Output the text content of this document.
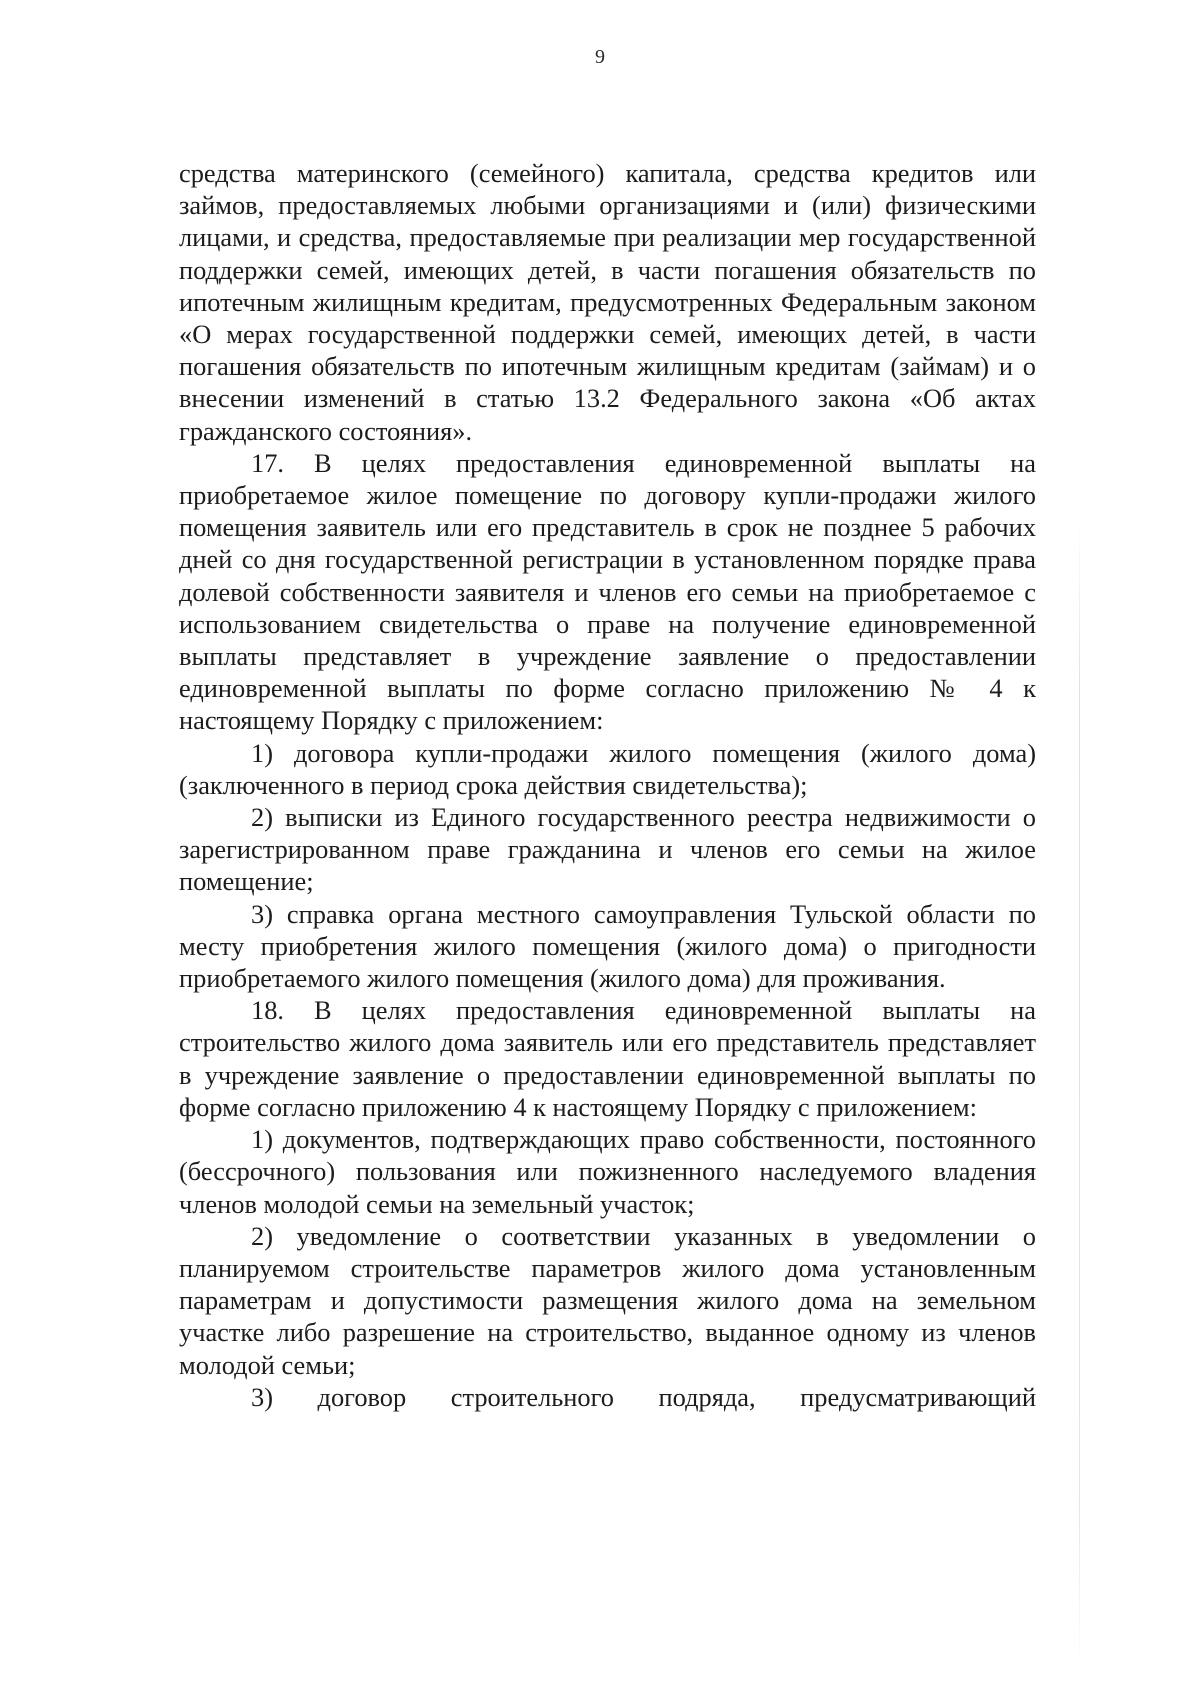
9

средства материнского (семейного) капитала, средства кредитов или займов, предоставляемых любыми организациями и (или) физическими лицами, и средства, предоставляемые при реализации мер государственной поддержки семей, имеющих детей, в части погашения обязательств по ипотечным жилищным кредитам, предусмотренных Федеральным законом «О мерах государственной поддержки семей, имеющих детей, в части погашения обязательств по ипотечным жилищным кредитам (займам) и о внесении изменений в статью 13.2 Федерального закона «Об актах гражданского состояния».

17. В целях предоставления единовременной выплаты на приобретаемое жилое помещение по договору купли-продажи жилого помещения заявитель или его представитель в срок не позднее 5 рабочих дней со дня государственной регистрации в установленном порядке права долевой собственности заявителя и членов его семьи на приобретаемое с использованием свидетельства о праве на получение единовременной выплаты представляет в учреждение заявление о предоставлении единовременной выплаты по форме согласно приложению № 4 к настоящему Порядку с приложением:

1) договора купли-продажи жилого помещения (жилого дома) (заключенного в период срока действия свидетельства);

2) выписки из Единого государственного реестра недвижимости о зарегистрированном праве гражданина и членов его семьи на жилое помещение;

3) справка органа местного самоуправления Тульской области по месту приобретения жилого помещения (жилого дома) о пригодности приобретаемого жилого помещения (жилого дома) для проживания.

18. В целях предоставления единовременной выплаты на строительство жилого дома заявитель или его представитель представляет в учреждение заявление о предоставлении единовременной выплаты по форме согласно приложению 4 к настоящему Порядку с приложением:

1) документов, подтверждающих право собственности, постоянного (бессрочного) пользования или пожизненного наследуемого владения членов молодой семьи на земельный участок;

2) уведомление о соответствии указанных в уведомлении о планируемом строительстве параметров жилого дома установленным параметрам и допустимости размещения жилого дома на земельном участке либо разрешение на строительство, выданное одному из членов молодой семьи;

3) договор строительного подряда, предусматривающий
